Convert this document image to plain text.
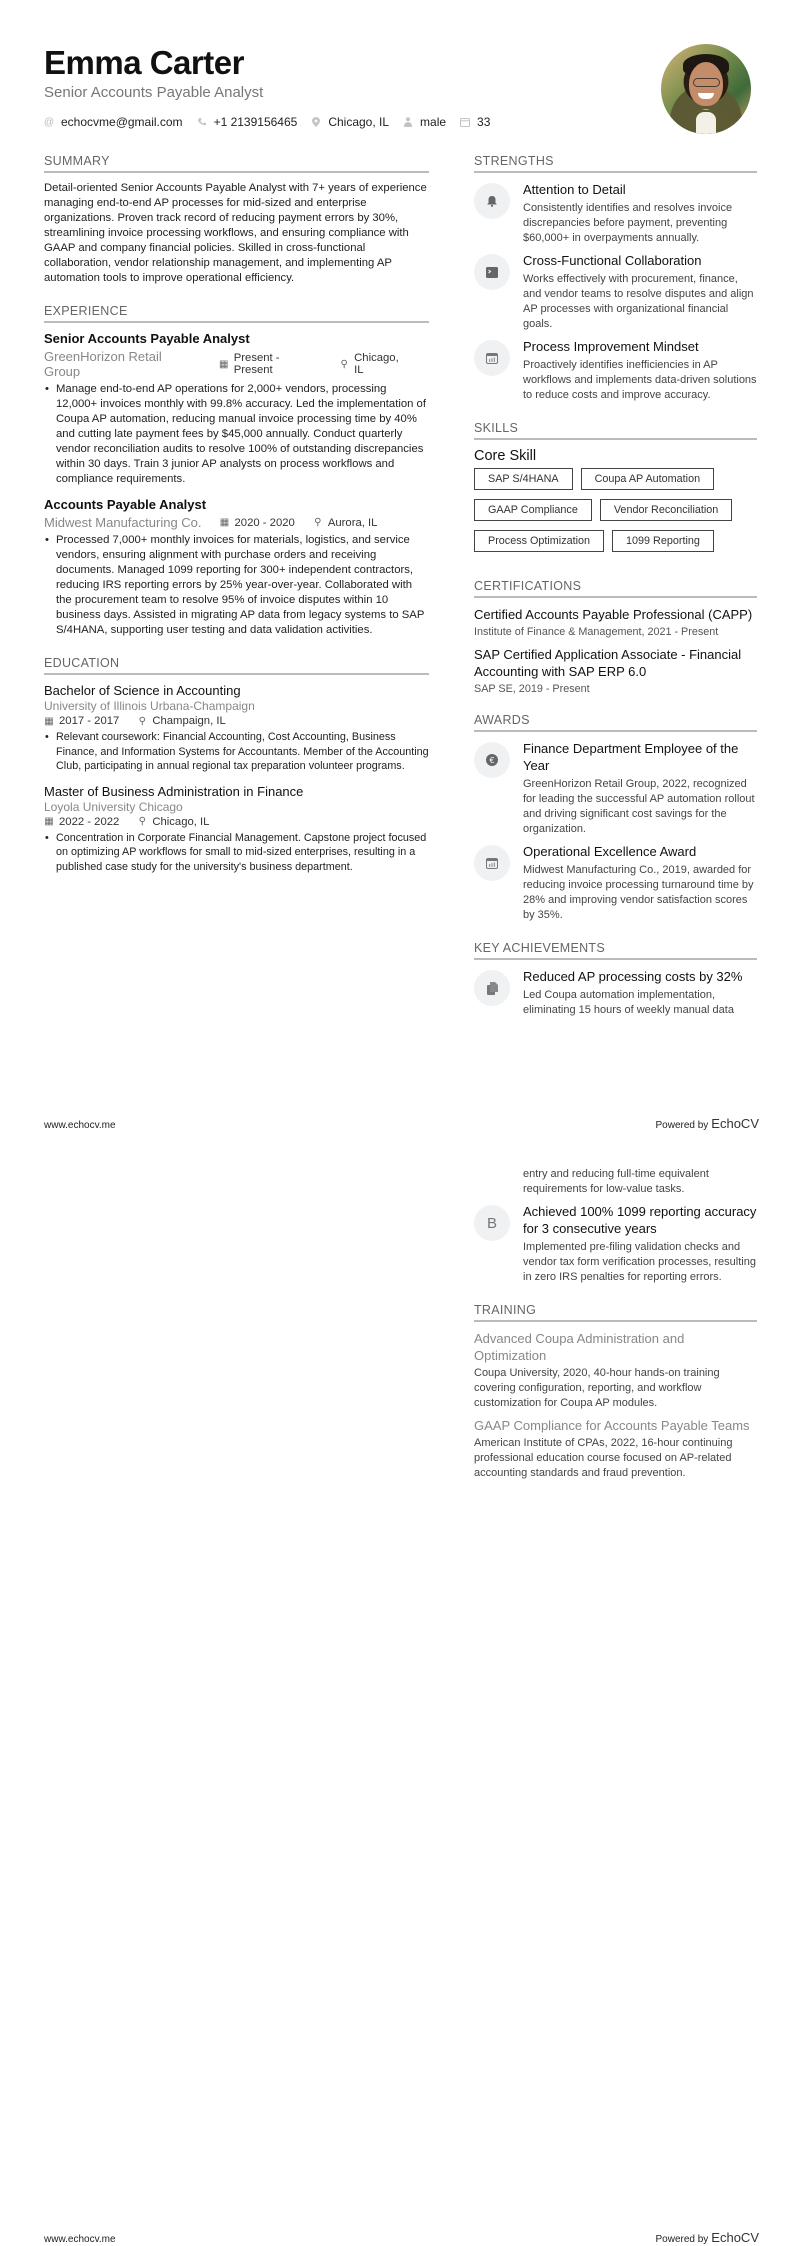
Emma Carter
Senior Accounts Payable Analyst
@ echocvme@gmail.com	+1 2139156465	Chicago, IL	male	33
SUMMARY
Detail-oriented Senior Accounts Payable Analyst with 7+ years of experience managing end-to-end AP processes for mid-sized and enterprise organizations. Proven track record of reducing payment errors by 30%, streamlining invoice processing workflows, and ensuring compliance with GAAP and company financial policies. Skilled in cross-functional collaboration, vendor relationship management, and implementing AP automation tools to improve operational efficiency.
EXPERIENCE
Senior Accounts Payable Analyst
GreenHorizon Retail Group	▦ Present - Present	⚲ Chicago, IL
• Manage end-to-end AP operations for 2,000+ vendors, processing 12,000+ invoices monthly with 99.8% accuracy. Led the implementation of Coupa AP automation, reducing manual invoice processing time by 40% and cutting late payment fees by $45,000 annually. Conduct quarterly vendor reconciliation audits to resolve 100% of outstanding discrepancies within 30 days. Train 3 junior AP analysts on process workflows and compliance requirements.
Accounts Payable Analyst
Midwest Manufacturing Co. ▦ 2020 - 2020 ⚲ Aurora, IL
• Processed 7,000+ monthly invoices for materials, logistics, and service vendors, ensuring alignment with purchase orders and receiving documents. Managed 1099 reporting for 300+ independent contractors, reducing IRS reporting errors by 25% year-over-year. Collaborated with the procurement team to resolve 95% of invoice disputes within 10 business days. Assisted in migrating AP data from legacy systems to SAP S/4HANA, supporting user testing and data validation activities.
EDUCATION
Bachelor of Science in Accounting
University of Illinois Urbana-Champaign
▦ 2017 - 2017 ⚲ Champaign, IL
• Relevant coursework: Financial Accounting, Cost Accounting, Business Finance, and Information Systems for Accountants. Member of the Accounting Club, participating in annual regional tax preparation volunteer programs.
Master of Business Administration in Finance
Loyola University Chicago
▦ 2022 - 2022 ⚲ Chicago, IL
• Concentration in Corporate Financial Management. Capstone project focused on optimizing AP workflows for small to mid-sized enterprises, resulting in a published case study for the university's business department.
STRENGTHS
Attention to Detail
Consistently identifies and resolves invoice discrepancies before payment, preventing $60,000+ in overpayments annually.
Cross-Functional Collaboration
Works effectively with procurement, finance, and vendor teams to resolve disputes and align AP processes with organizational financial goals.
Process Improvement Mindset
Proactively identifies inefficiencies in AP workflows and implements data-driven solutions to reduce costs and improve accuracy.
SKILLS
Core Skill
SAP S/4HANA	Coupa AP Automation
GAAP Compliance	Vendor Reconciliation
Process Optimization	1099 Reporting
CERTIFICATIONS
Certified Accounts Payable Professional (CAPP)
Institute of Finance & Management, 2021 - Present
SAP Certified Application Associate - Financial Accounting with SAP ERP 6.0
SAP SE, 2019 - Present
AWARDS
€
Finance Department Employee of the Year
GreenHorizon Retail Group, 2022, recognized for leading the successful AP automation rollout and driving significant cost savings for the organization.
Operational Excellence Award
Midwest Manufacturing Co., 2019, awarded for reducing invoice processing turnaround time by 28% and improving vendor satisfaction scores by 35%.
KEY ACHIEVEMENTS
Reduced AP processing costs by 32%
Led Coupa automation implementation, eliminating 15 hours of weekly manual data
www.echocv.me	Powered by EchoCV
entry and reducing full-time equivalent requirements for low-value tasks.
B
Achieved 100% 1099 reporting accuracy for 3 consecutive years
Implemented pre-filing validation checks and vendor tax form verification processes, resulting in zero IRS penalties for reporting errors.
TRAINING
Advanced Coupa Administration and Optimization
Coupa University, 2020, 40-hour hands-on training covering configuration, reporting, and workflow customization for Coupa AP modules.
GAAP Compliance for Accounts Payable Teams
American Institute of CPAs, 2022, 16-hour continuing professional education course focused on AP-related accounting standards and fraud prevention.
www.echocv.me	Powered by EchoCV
